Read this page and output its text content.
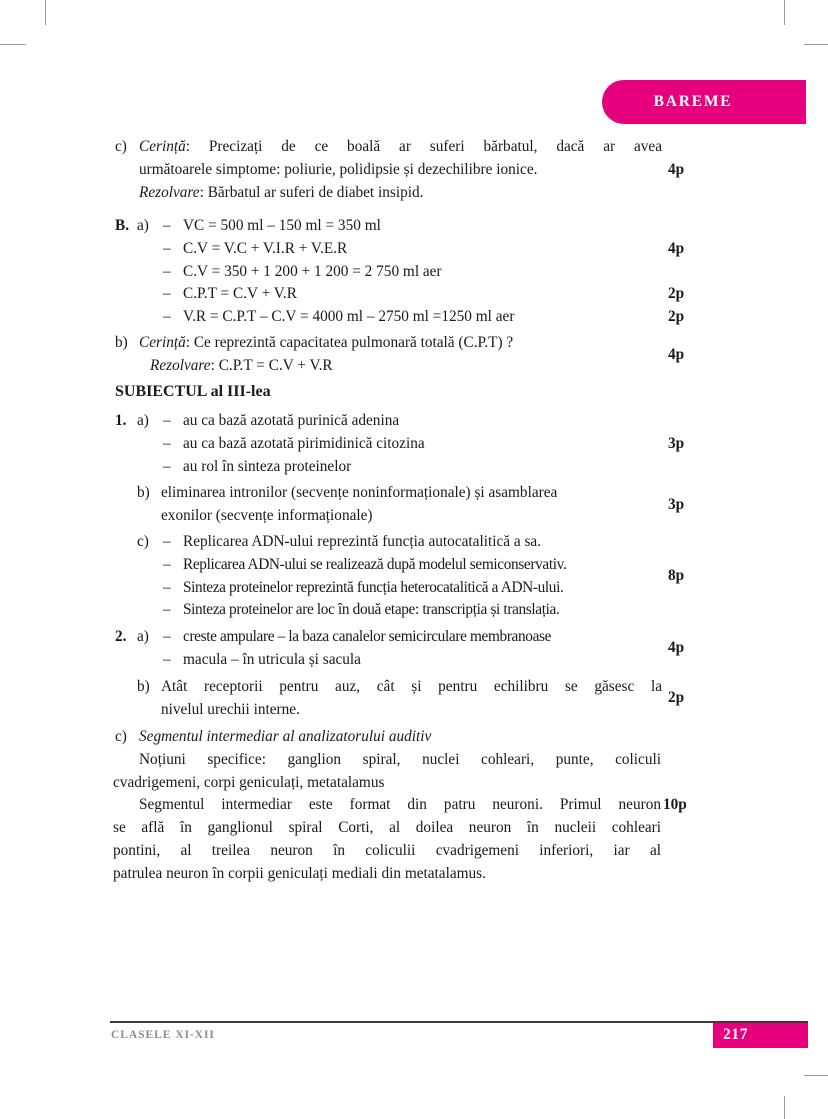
BAREME
c) Cerință: Precizați de ce boală ar suferi bărbatul, dacă ar avea
următoarele simptome: poliurie, polidipsie și dezechilibre ionice.
Rezolvare: Bărbatul ar suferi de diabet insipid.
4p
B. a) – VC = 500 ml – 150 ml = 350 ml
– C.V = V.C + V.I.R + V.E.R	4p
– C.V = 350 + 1 200 + 1 200 = 2 750 ml aer
– C.P.T = C.V + V.R	2p
– V.R = C.P.T – C.V = 4000 ml – 2750 ml =1250 ml aer	2p
b) Cerință: Ce reprezintă capacitatea pulmonară totală (C.P.T) ?
Rezolvare: C.P.T = C.V + V.R
4p
SUBIECTUL al III-lea
1. a) – au ca bază azotată purinică adenina
– au ca bază azotată pirimidinică citozina	3p
– au rol în sinteza proteinelor
b) eliminarea intronilor (secvențe noninformaționale) și asamblarea
exonilor (secvențe informaționale)
3p
c) – Replicarea ADN-ului reprezintă funcția autocatalitică a sa.
– Replicarea ADN-ului se realizează după modelul semiconservativ.
– Sinteza proteinelor reprezintă funcția heterocatalitică a ADN-ului.
– Sinteza proteinelor are loc în două etape: transcripția și translația.
8p
2. a) – creste ampulare – la baza canalelor semicirculare membranoase
– macula – în utricula și sacula
4p
b) Atât receptorii pentru auz, cât și pentru echilibru se găsesc la
nivelul urechii interne.
2p
c) Segmentul intermediar al analizatorului auditiv
Noțiuni specifice: ganglion spiral, nuclei cohleari, punte, coliculi
cvadrigemeni, corpi geniculați, metatalamus
Segmentul intermediar este format din patru neuroni. Primul neuron
se află în ganglionul spiral Corti, al doilea neuron în nucleii cohleari
pontini, al treilea neuron în coliculii cvadrigemeni inferiori, iar al
patrulea neuron în corpii geniculați mediali din metatalamus.
10p
CLASELE XI-XII	217
